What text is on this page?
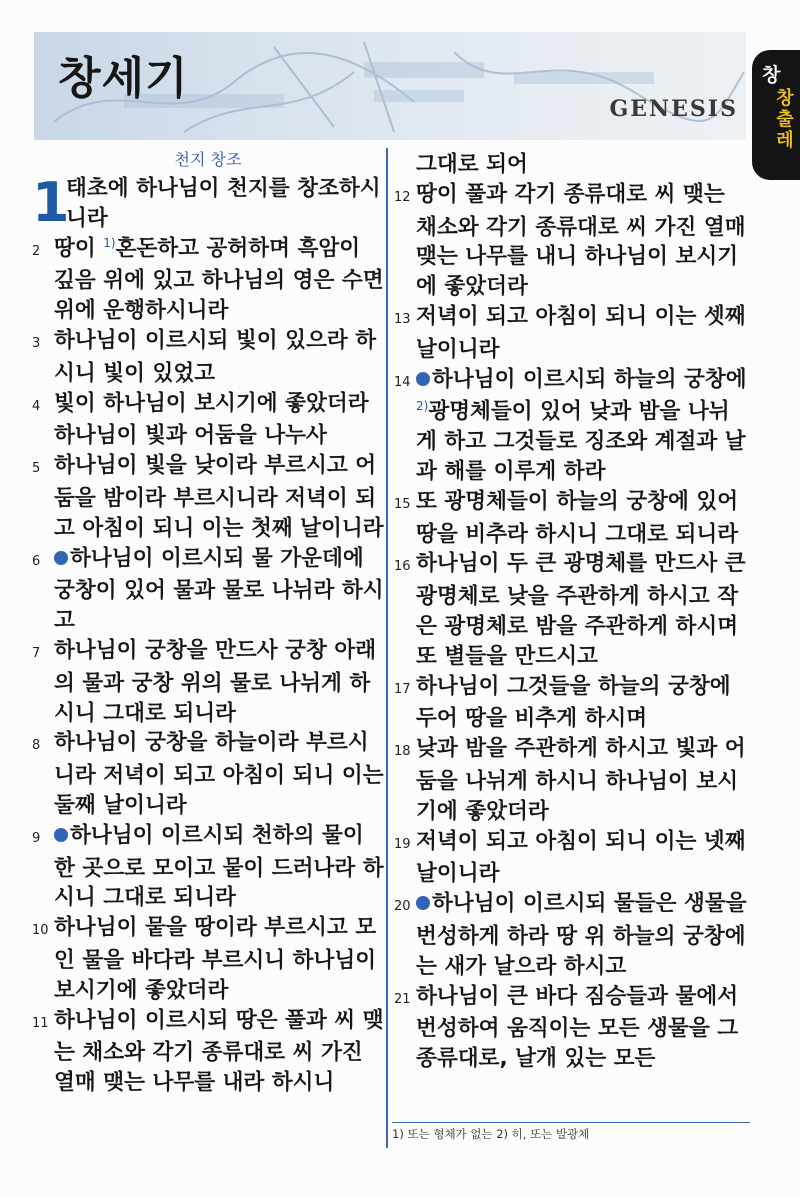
창세기
GENESIS
창
창출레

천지 창조

1
태초에 하나님이 천지를 창조하시니라

2 땅이 $^{1)}$혼돈하고 공허하며 흑암이 깊음 위에 있고 하나님의 영은 수면 위에 운행하시니라

3 하나님이 이르시되 빛이 있으라 하시니 빛이 있었고

4 빛이 하나님이 보시기에 좋았더라 하나님이 빛과 어둠을 나누사

5 하나님이 빛을 낮이라 부르시고 어둠을 밤이라 부르시니라 저녁이 되고 아침이 되니 이는 첫째 날이니라

6 하나님이 이르시되 물 가운데에 궁창이 있어 물과 물로 나뉘라 하시고

7 하나님이 궁창을 만드사 궁창 아래의 물과 궁창 위의 물로 나뉘게 하시니 그대로 되니라

8 하나님이 궁창을 하늘이라 부르시니라 저녁이 되고 아침이 되니 이는 둘째 날이니라

9 하나님이 이르시되 천하의 물이 한 곳으로 모이고 뭍이 드러나라 하시니 그대로 되니라

10 하나님이 뭍을 땅이라 부르시고 모인 물을 바다라 부르시니 하나님이 보시기에 좋았더라

11 하나님이 이르시되 땅은 풀과 씨 맺는 채소와 각기 종류대로 씨 가진 열매 맺는 나무를 내라 하시니

그대로 되어

12 땅이 풀과 각기 종류대로 씨 맺는 채소와 각기 종류대로 씨 가진 열매 맺는 나무를 내니 하나님이 보시기에 좋았더라

13 저녁이 되고 아침이 되니 이는 셋째 날이니라

14 하나님이 이르시되 하늘의 궁창에 $^{2)}$광명체들이 있어 낮과 밤을 나뉘게 하고 그것들로 징조와 계절과 날과 해를 이루게 하라

15 또 광명체들이 하늘의 궁창에 있어 땅을 비추라 하시니 그대로 되니라

16 하나님이 두 큰 광명체를 만드사 큰 광명체로 낮을 주관하게 하시고 작은 광명체로 밤을 주관하게 하시며 또 별들을 만드시고

17 하나님이 그것들을 하늘의 궁창에 두어 땅을 비추게 하시며

18 낮과 밤을 주관하게 하시고 빛과 어둠을 나뉘게 하시니 하나님이 보시기에 좋았더라

19 저녁이 되고 아침이 되니 이는 넷째 날이니라

20 하나님이 이르시되 물들은 생물을 번성하게 하라 땅 위 하늘의 궁창에는 새가 날으라 하시고

21 하나님이 큰 바다 짐승들과 물에서 번성하여 움직이는 모든 생물을 그 종류대로, 날개 있는 모든

1) 또는 형체가 없는 2) 히, 또는 발광체
